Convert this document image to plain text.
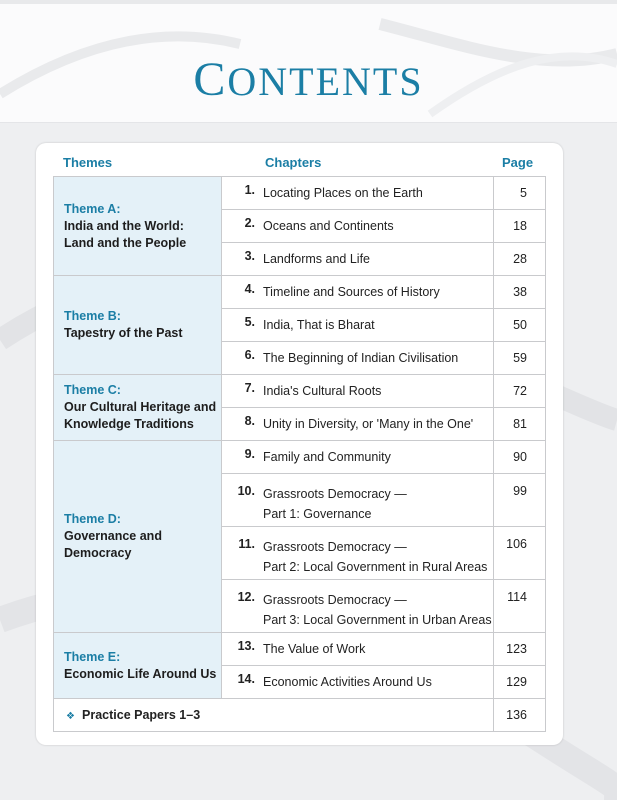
CONTENTS
Themes	Chapters	Page
Theme A:
India and the World:
Land and the People	1. Locating Places on the Earth	5

	2. Oceans and Continents	18

	3. Landforms and Life	28

Theme B:
Tapestry of the Past	4. Timeline and Sources of History	38

	5. India, That is Bharat	50

	6. The Beginning of Indian Civilisation	59

Theme C:
Our Cultural Heritage and
Knowledge Traditions	7. India's Cultural Roots	72

	8. Unity in Diversity, or 'Many in the One'	81

Theme D:
Governance and
Democracy	9. Family and Community	90

	10. Grassroots Democracy —
Part 1: Governance	99

	11. Grassroots Democracy —
Part 2: Local Government in Rural Areas	106

	12. Grassroots Democracy —
Part 3: Local Government in Urban Areas	114

Theme E:
Economic Life Around Us	13. The Value of Work	123

	14. Economic Activities Around Us	129
❖ Practice Papers 1–3		136
